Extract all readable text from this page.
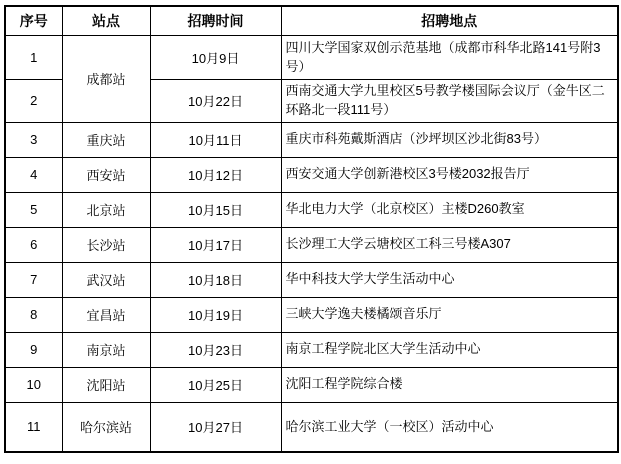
序号	站点	招聘时间	招聘地点
1	成都站	10月9日	四川大学国家双创示范基地（成都市科华北路141号附3号）
2		10月22日	西南交通大学九里校区5号教学楼国际会议厅（金牛区二环路北一段111号）
3	重庆站	10月11日	重庆市科苑戴斯酒店（沙坪坝区沙北街83号）
4	西安站	10月12日	西安交通大学创新港校区3号楼2032报告厅
5	北京站	10月15日	华北电力大学（北京校区）主楼D260教室
6	长沙站	10月17日	长沙理工大学云塘校区工科三号楼A307
7	武汉站	10月18日	华中科技大学大学生活动中心
8	宜昌站	10月19日	三峡大学逸夫楼橘颂音乐厅
9	南京站	10月23日	南京工程学院北区大学生活动中心
10	沈阳站	10月25日	沈阳工程学院综合楼
11	哈尔滨站	10月27日	哈尔滨工业大学（一校区）活动中心
